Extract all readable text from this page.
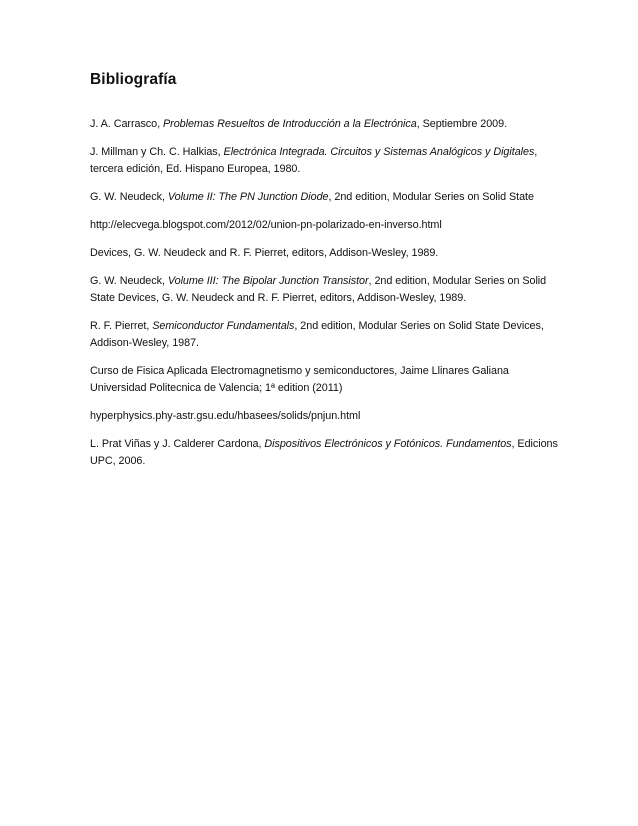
Bibliografía

J. A. Carrasco, Problemas Resueltos de Introducción a la Electrónica, Septiembre 2009.

J. Millman y Ch. C. Halkias, Electrónica Integrada. Circuitos y Sistemas Analógicos y Digitales, tercera edición, Ed. Hispano Europea, 1980.

G. W. Neudeck, Volume II: The PN Junction Diode, 2nd edition, Modular Series on Solid State

http://elecvega.blogspot.com/2012/02/union-pn-polarizado-en-inverso.html

Devices, G. W. Neudeck and R. F. Pierret, editors, Addison-Wesley, 1989.

G. W. Neudeck, Volume III: The Bipolar Junction Transistor, 2nd edition, Modular Series on Solid State Devices, G. W. Neudeck and R. F. Pierret, editors, Addison-Wesley, 1989.

R. F. Pierret, Semiconductor Fundamentals, 2nd edition, Modular Series on Solid State Devices, Addison-Wesley, 1987.

Curso de Fisica Aplicada Electromagnetismo y semiconductores, Jaime Llinares Galiana Universidad Politecnica de Valencia; 1ª edition (2011)

hyperphysics.phy-astr.gsu.edu/hbasees/solids/pnjun.html

L. Prat Viñas y J. Calderer Cardona, Dispositivos Electrónicos y Fotónicos. Fundamentos, Edicions UPC, 2006.
